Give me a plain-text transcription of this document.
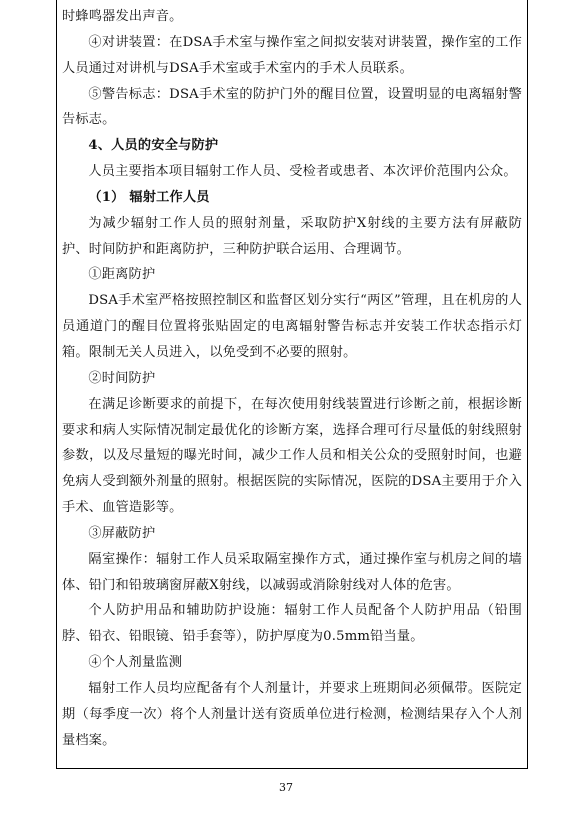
时蜂鸣器发出声音。

④对讲装置：在DSA手术室与操作室之间拟安装对讲装置，操作室的工作人员通过对讲机与DSA手术室或手术室内的手术人员联系。

⑤警告标志：DSA手术室的防护门外的醒目位置，设置明显的电离辐射警告标志。

4、人员的安全与防护

人员主要指本项目辐射工作人员、受检者或患者、本次评价范围内公众。

（1） 辐射工作人员

为减少辐射工作人员的照射剂量，采取防护X射线的主要方法有屏蔽防护、时间防护和距离防护，三种防护联合运用、合理调节。

①距离防护

DSA手术室严格按照控制区和监督区划分实行“两区”管理，且在机房的人员通道门的醒目位置将张贴固定的电离辐射警告标志并安装工作状态指示灯箱。限制无关人员进入，以免受到不必要的照射。

②时间防护

在满足诊断要求的前提下，在每次使用射线装置进行诊断之前，根据诊断要求和病人实际情况制定最优化的诊断方案，选择合理可行尽量低的射线照射参数，以及尽量短的曝光时间，减少工作人员和相关公众的受照射时间，也避免病人受到额外剂量的照射。根据医院的实际情况，医院的DSA主要用于介入手术、血管造影等。

③屏蔽防护

隔室操作：辐射工作人员采取隔室操作方式，通过操作室与机房之间的墙体、铅门和铅玻璃窗屏蔽X射线，以减弱或消除射线对人体的危害。

个人防护用品和辅助防护设施：辐射工作人员配备个人防护用品（铅围脖、铅衣、铅眼镜、铅手套等），防护厚度为0.5mm铅当量。

④个人剂量监测

辐射工作人员均应配备有个人剂量计，并要求上班期间必须佩带。医院定期（每季度一次）将个人剂量计送有资质单位进行检测，检测结果存入个人剂量档案。

37
